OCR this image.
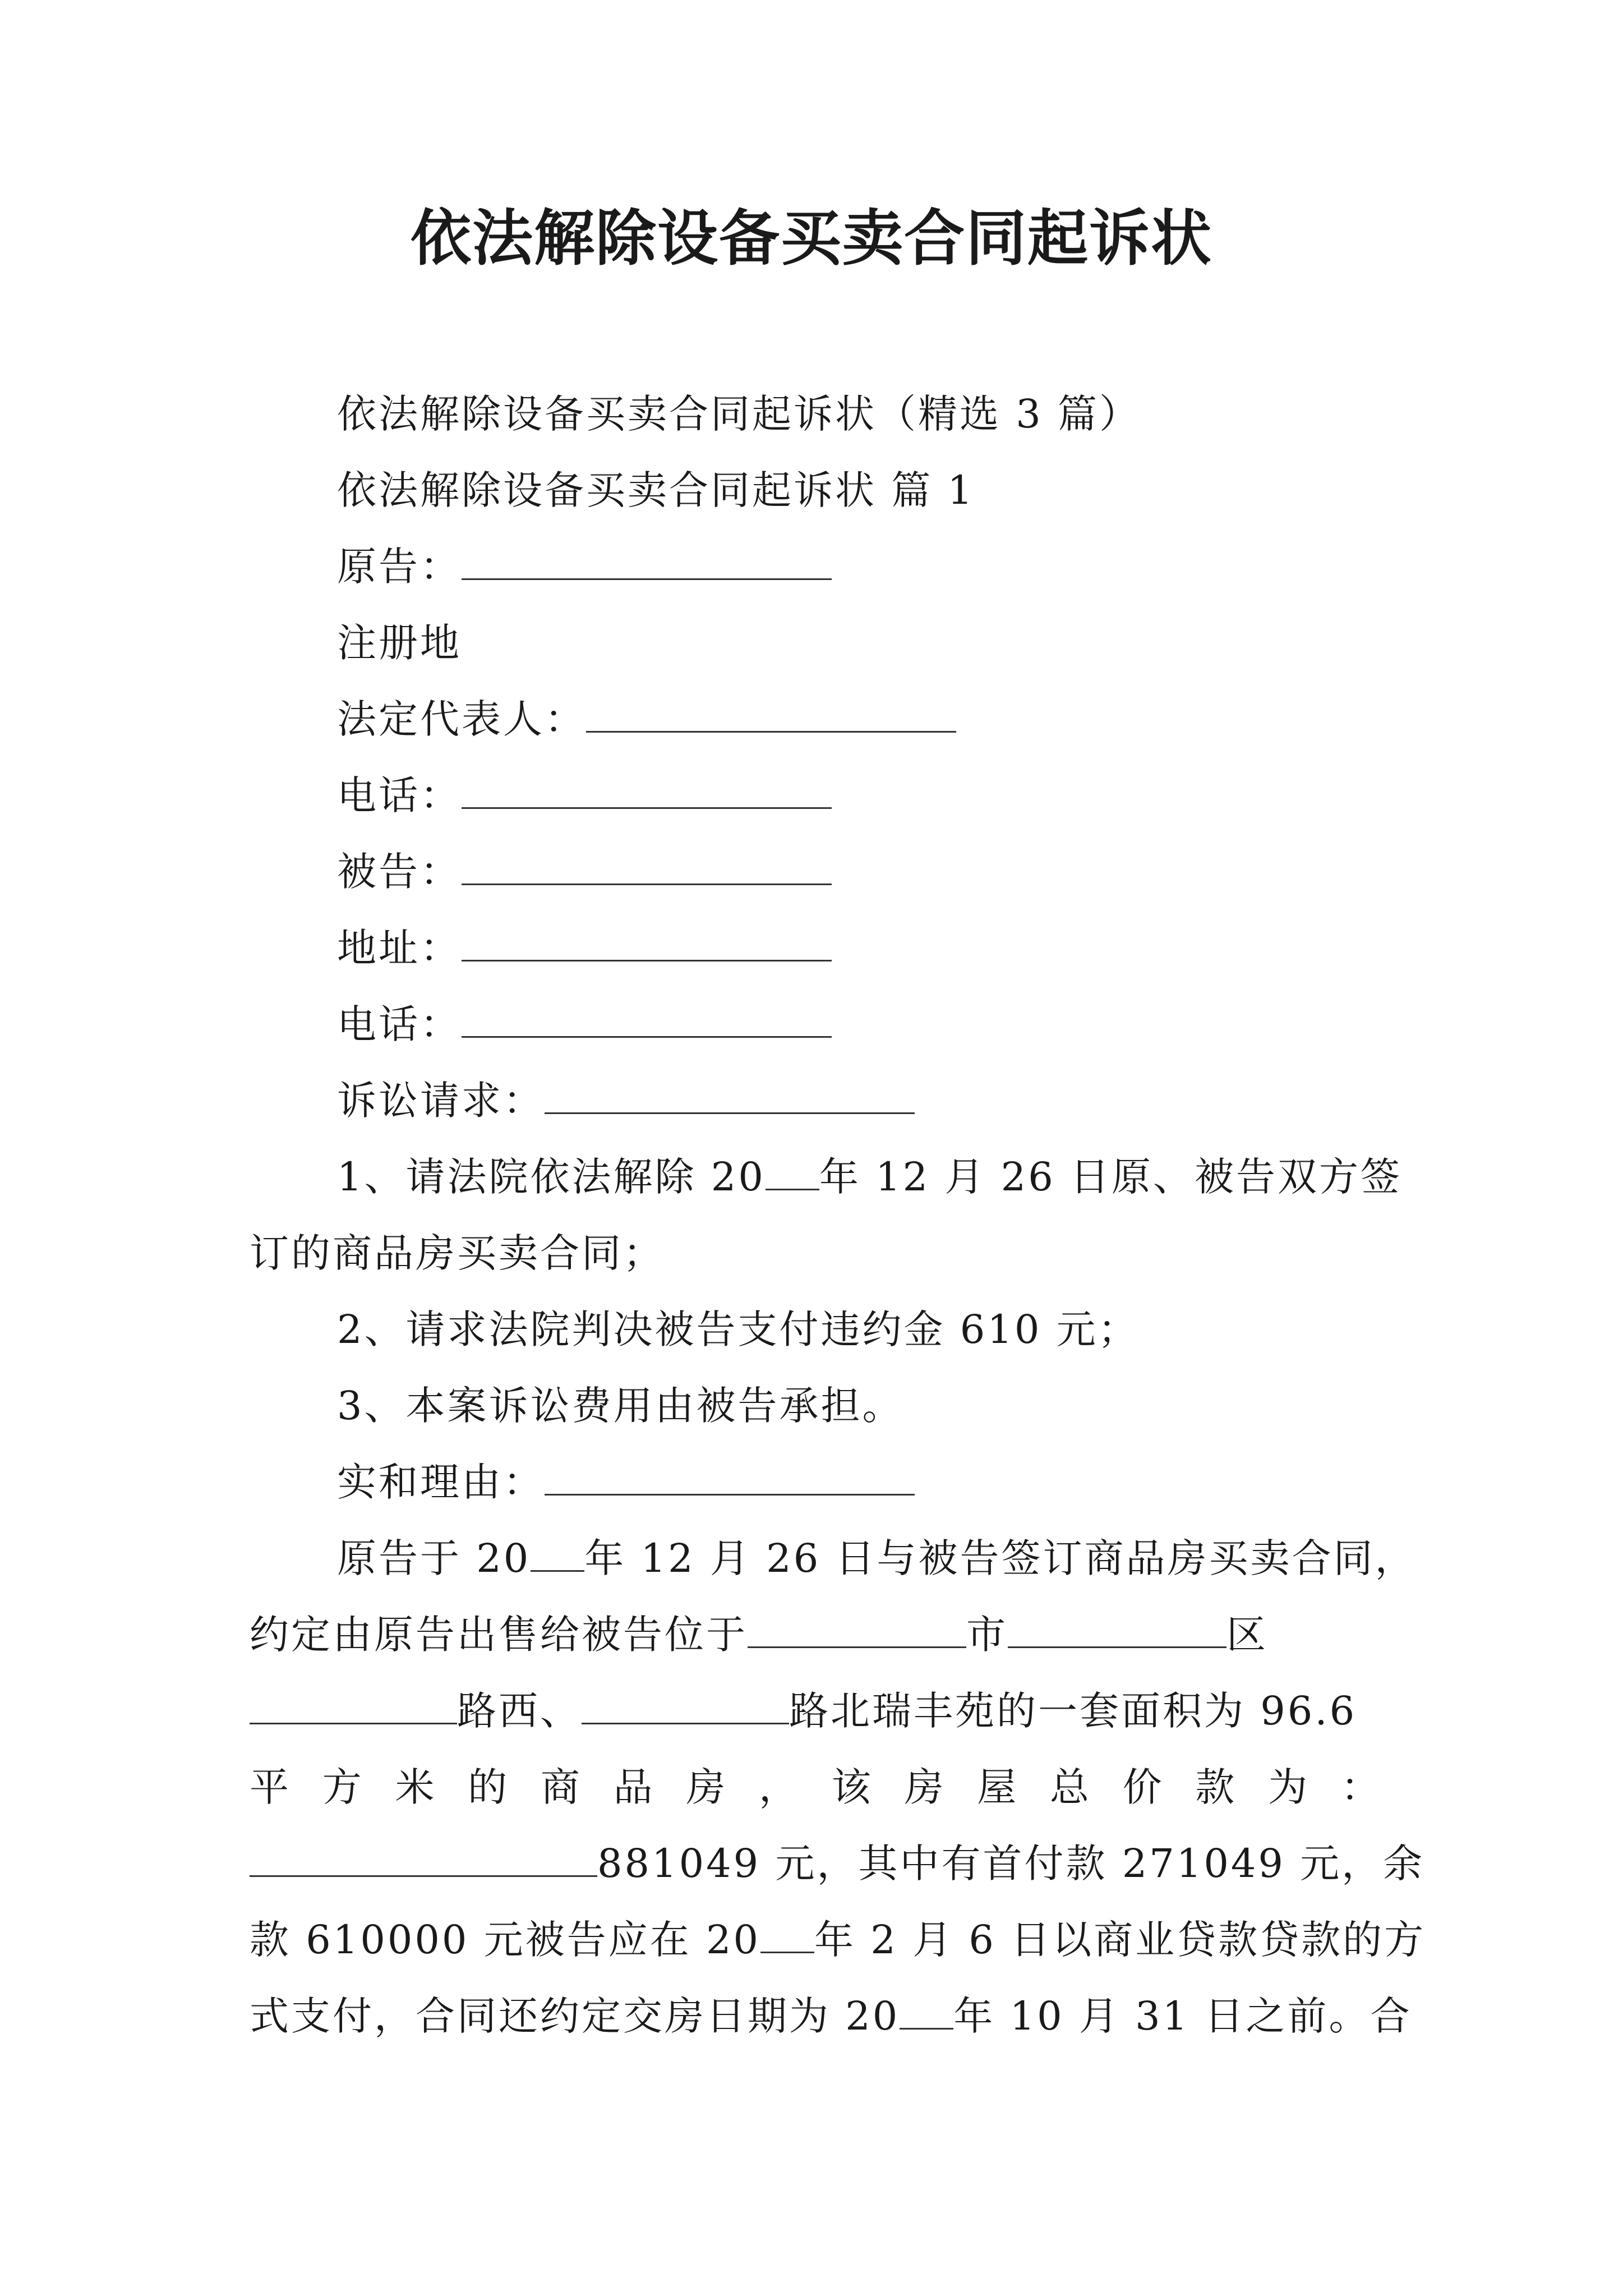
依法解除设备买卖合同起诉状
依法解除设备买卖合同起诉状（精选 3 篇）
依法解除设备买卖合同起诉状 篇 1
原告：
注册地
法定代表人：
电话：
被告：
地址：
电话：
诉讼请求：
1、请法院依法解除 20 年 12 月 26 日原、被告双方签
订的商品房买卖合同；
2、请求法院判决被告支付违约金 610 元；
3、本案诉讼费用由被告承担。
实和理由：
原告于 20 年 12 月 26 日与被告签订商品房买卖合同，
约定由原告出售给被告位于	市	区
路西、	路北瑞丰苑的一套面积为 96.6
平 方 米 的 商 品 房 ， 该 房 屋 总 价 款 为 ：
881049 元，其中有首付款 271049 元，余
款 610000 元被告应在 20 年 2 月 6 日以商业贷款贷款的方
式支付，合同还约定交房日期为 20 年 10 月 31 日之前。合
